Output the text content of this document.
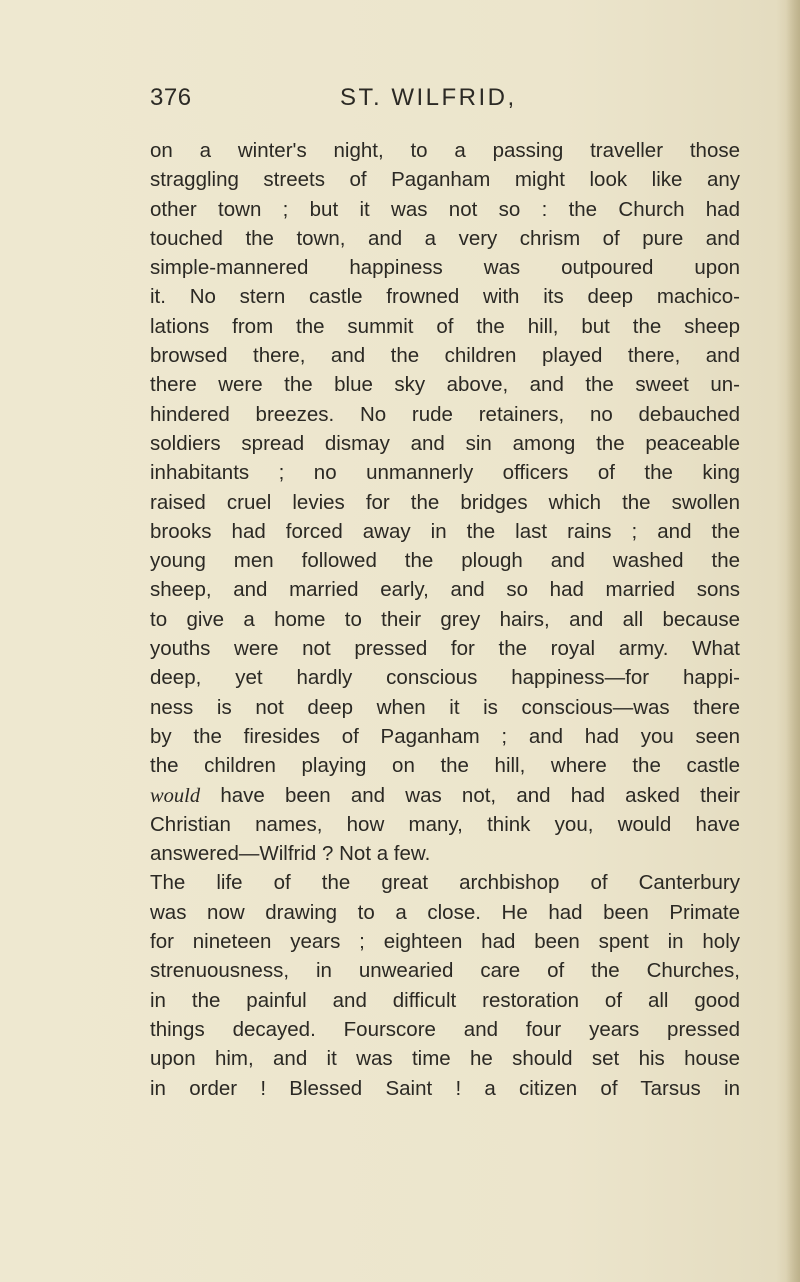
376	ST. WILFRID,
on a winter's night, to a passing traveller those
straggling streets of Paganham might look like any
other town ; but it was not so : the Church had
touched the town, and a very chrism of pure and
simple-mannered happiness was outpoured upon
it. No stern castle frowned with its deep machico-
lations from the summit of the hill, but the sheep
browsed there, and the children played there, and
there were the blue sky above, and the sweet un-
hindered breezes. No rude retainers, no debauched
soldiers spread dismay and sin among the peaceable
inhabitants ; no unmannerly officers of the king
raised cruel levies for the bridges which the swollen
brooks had forced away in the last rains ; and the
young men followed the plough and washed the
sheep, and married early, and so had married sons
to give a home to their grey hairs, and all because
youths were not pressed for the royal army. What
deep, yet hardly conscious happiness—for happi-
ness is not deep when it is conscious—was there
by the firesides of Paganham ; and had you seen
the children playing on the hill, where the castle
would have been and was not, and had asked their
Christian names, how many, think you, would have
answered—Wilfrid ? Not a few.
The life of the great archbishop of Canterbury
was now drawing to a close. He had been Primate
for nineteen years ; eighteen had been spent in holy
strenuousness, in unwearied care of the Churches,
in the painful and difficult restoration of all good
things decayed. Fourscore and four years pressed
upon him, and it was time he should set his house
in order ! Blessed Saint ! a citizen of Tarsus in
